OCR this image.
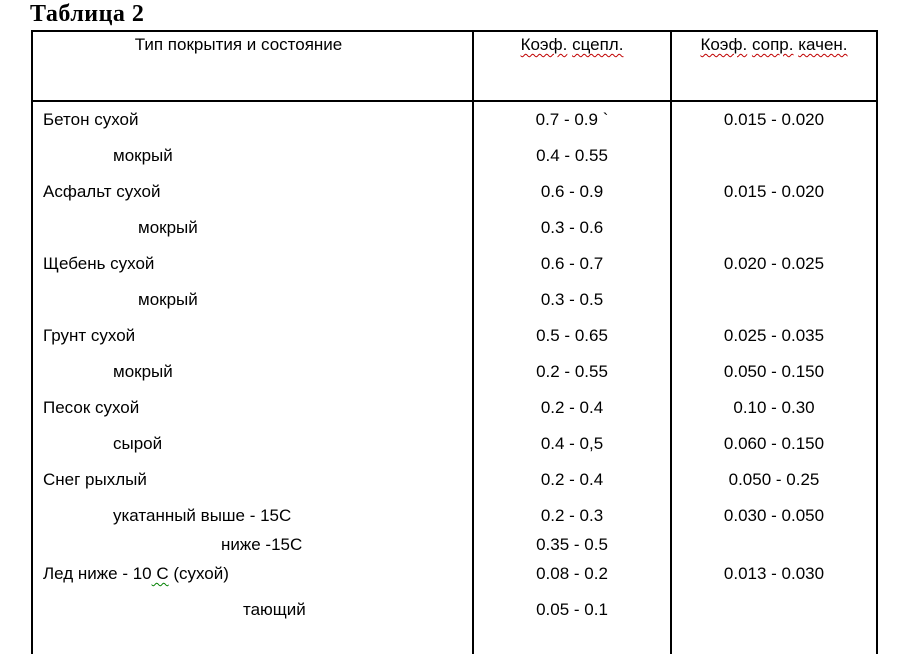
Таблица 2
Тип покрытия и состояние	Коэф. сцепл.	Коэф. сопр. качен.
Бетон сухой	0.7 - 0.9 `	0.015 - 0.020
мокрый	0.4 - 0.55
Асфальт сухой	0.6 - 0.9	0.015 - 0.020
мокрый	0.3 - 0.6
Щебень сухой	0.6 - 0.7	0.020 - 0.025
мокрый	0.3 - 0.5
Грунт сухой	0.5 - 0.65	0.025 - 0.035
мокрый	0.2 - 0.55	0.050 - 0.150
Песок сухой	0.2 - 0.4	0.10 - 0.30
сырой	0.4 - 0,5	0.060 - 0.150
Снег рыхлый	0.2 - 0.4	0.050 - 0.25
укатанный выше - 15С	0.2 - 0.3	0.030 - 0.050
ниже -15С	0.35 - 0.5
Лед ниже - 10 С (сухой)	0.08 - 0.2	0.013 - 0.030
тающий	0.05 - 0.1
